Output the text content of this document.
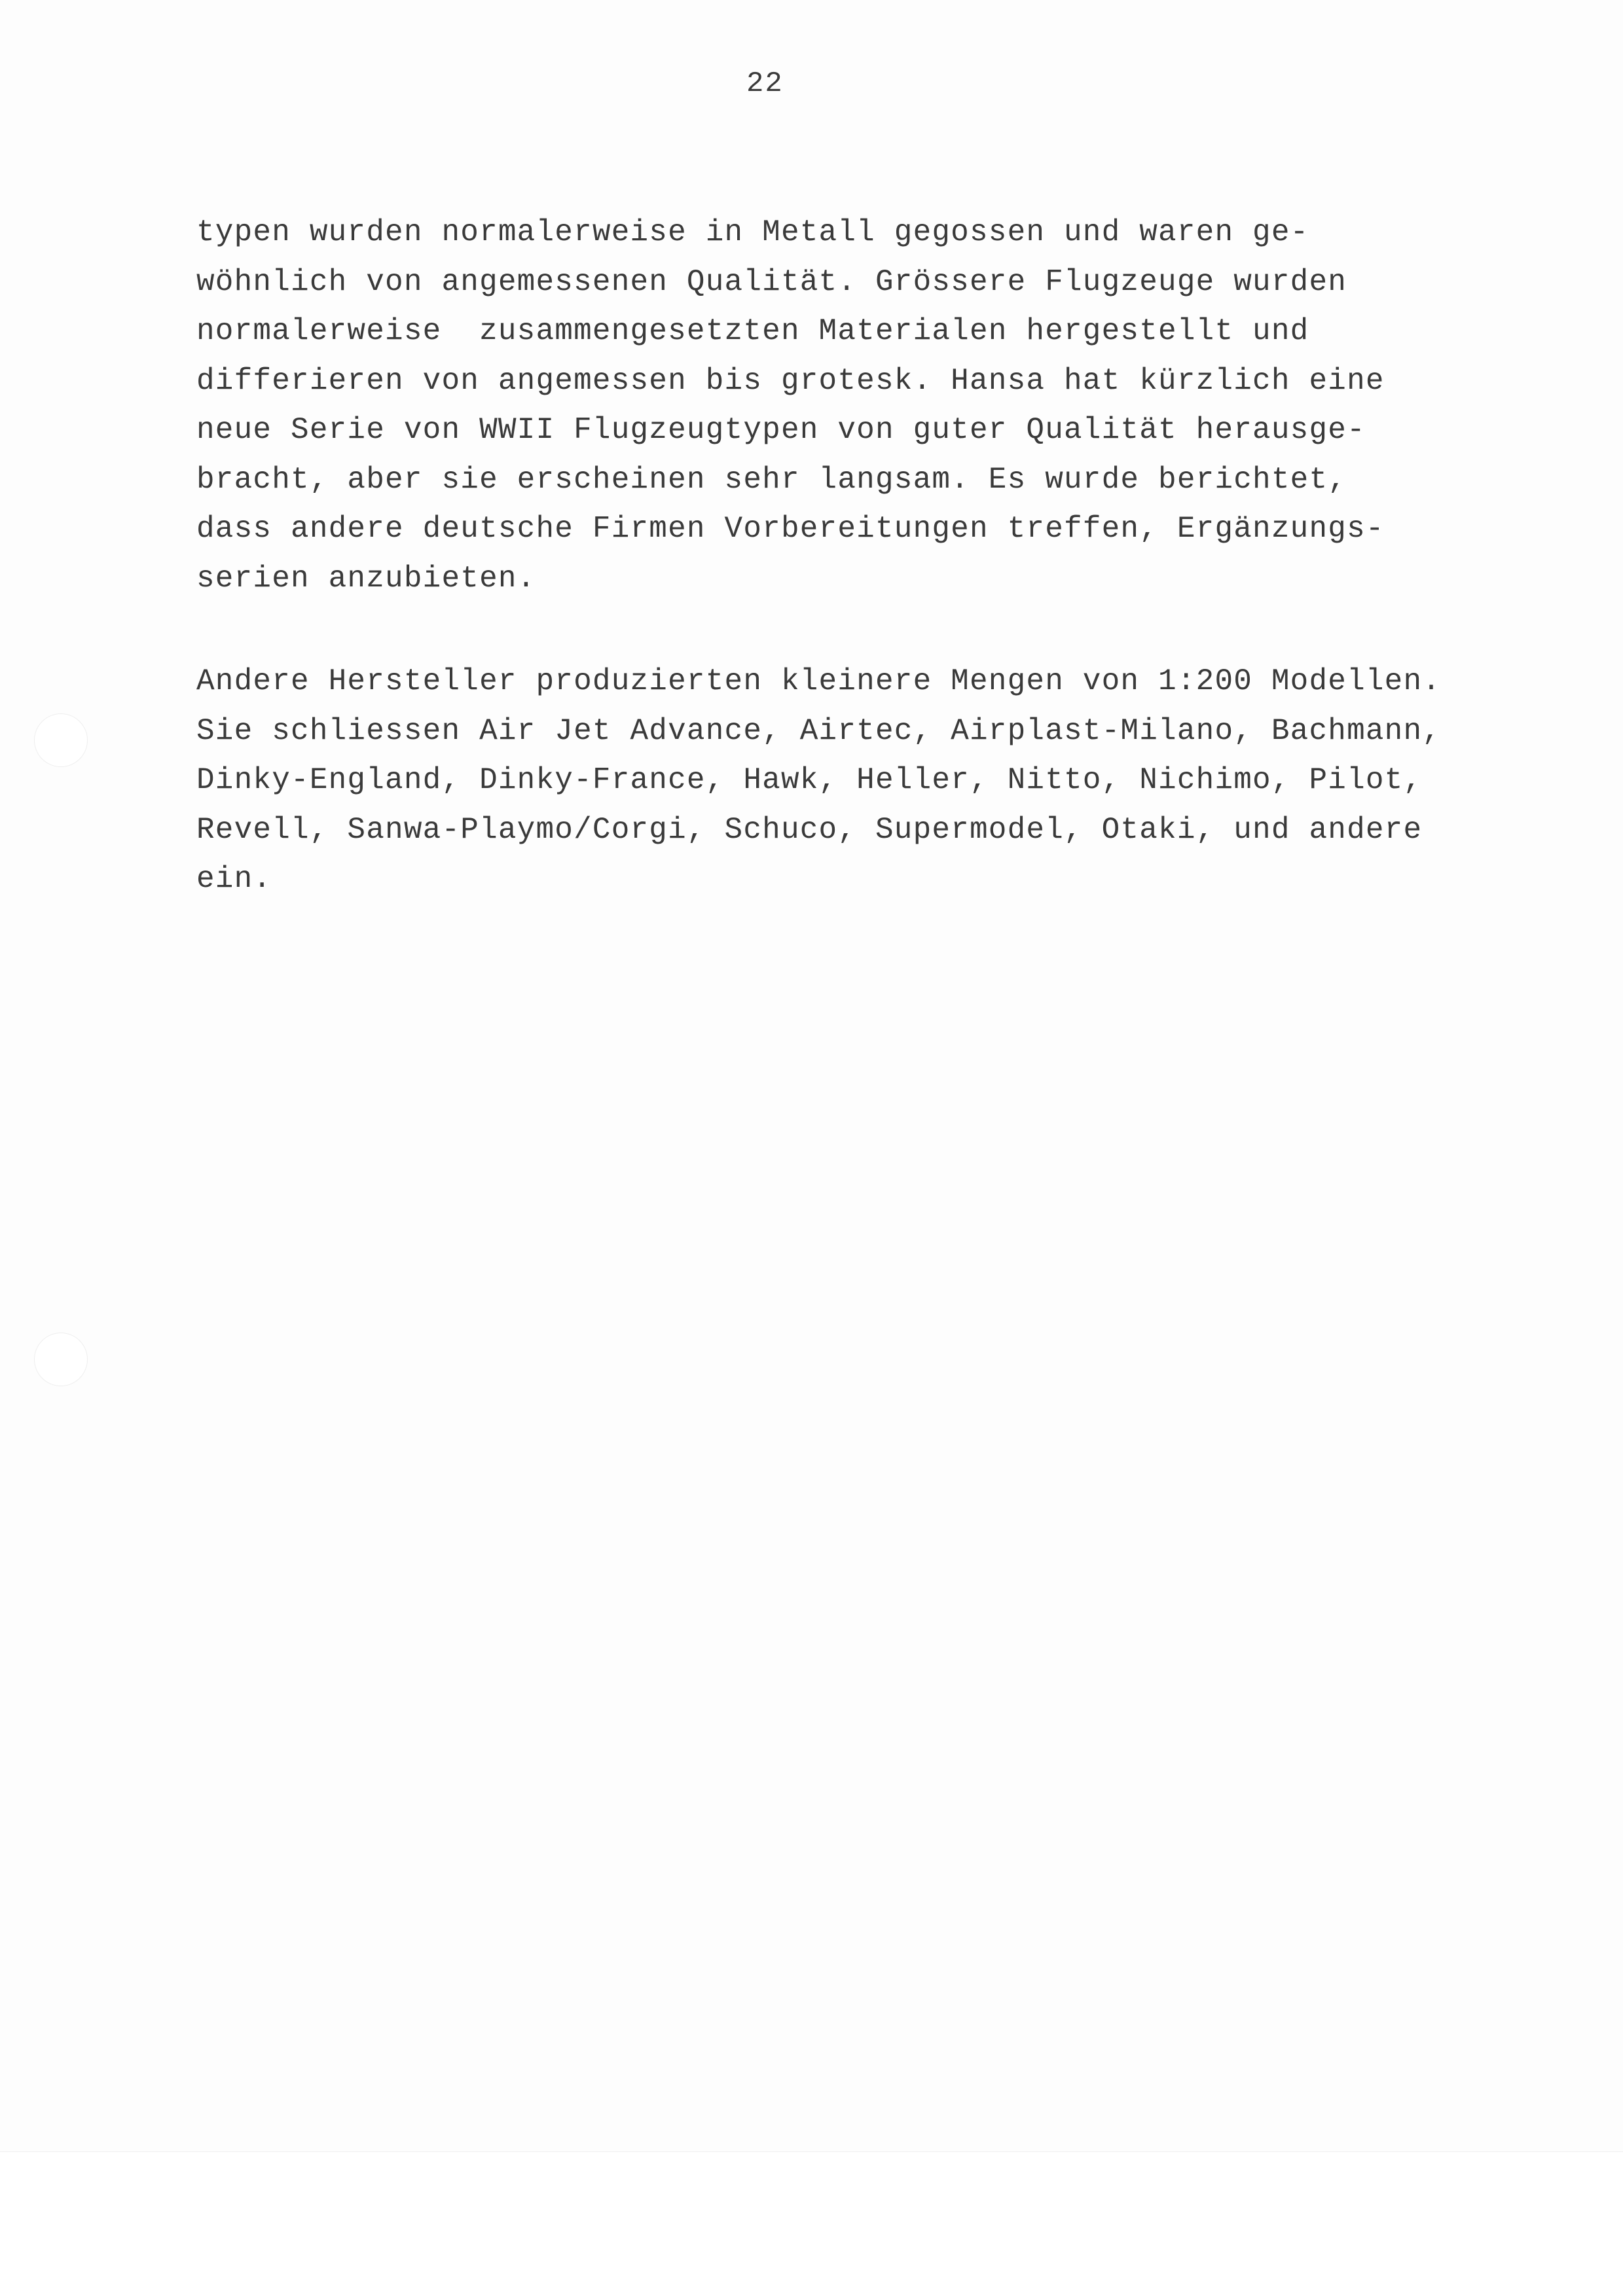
22
typen wurden normalerweise in Metall gegossen und waren ge-
wöhnlich von angemessenen Qualität. Grössere Flugzeuge wurden
normalerweise  zusammengesetzten Materialen hergestellt und
differieren von angemessen bis grotesk. Hansa hat kürzlich eine
neue Serie von WWII Flugzeugtypen von guter Qualität herausge-
bracht, aber sie erscheinen sehr langsam. Es wurde berichtet,
dass andere deutsche Firmen Vorbereitungen treffen, Ergänzungs-
serien anzubieten.
Andere Hersteller produzierten kleinere Mengen von 1:200 Modellen.
Sie schliessen Air Jet Advance, Airtec, Airplast-Milano, Bachmann,
Dinky-England, Dinky-France, Hawk, Heller, Nitto, Nichimo, Pilot,
Revell, Sanwa-Playmo/Corgi, Schuco, Supermodel, Otaki, und andere
ein.
